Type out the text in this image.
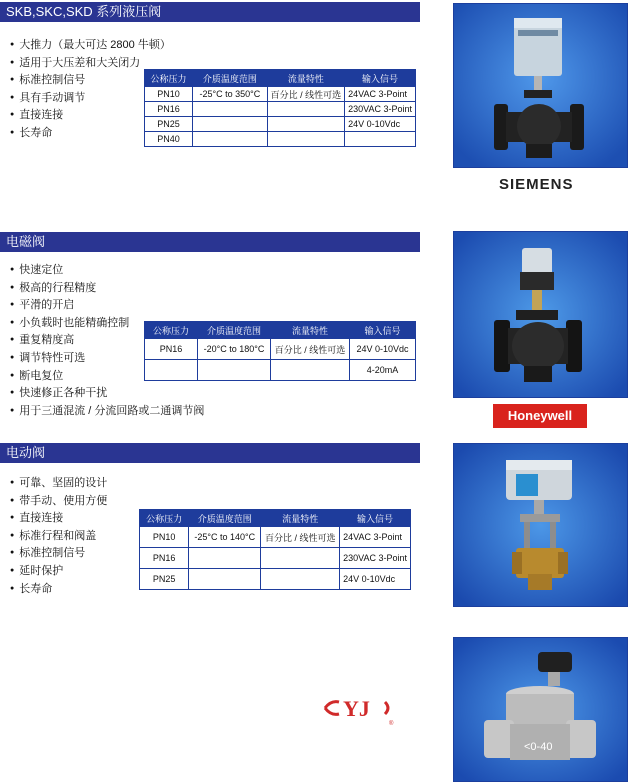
SKB,SKC,SKD 系列液压阀
● 大推力（最大可达 2800 牛顿）
● 适用于大压差和大关闭力
● 标准控制信号
● 具有手动调节
● 直接连接
● 长寿命
公称压力	介质温度范围	流量特性	输入信号
PN10	-25°C to 350°C	百分比 / 线性可选	24VAC 3-Point
PN16			230VAC 3-Point
PN25			24V 0-10Vdc
PN40			
SIEMENS
电磁阀
● 快速定位
● 极高的行程精度
● 平滑的开启
● 小负载时也能精确控制
● 重复精度高
● 调节特性可选
● 断电复位
● 快速修正各种干扰
● 用于三通混流 / 分流回路或二通调节阀
公称压力	介质温度范围	流量特性	输入信号
PN16	-20°C to 180°C	百分比 / 线性可选	24V 0-10Vdc
			4-20mA
Honeywell
电动阀
● 可靠、坚固的设计
● 带手动、使用方便
● 直接连接
● 标准行程和阀盖
● 标准控制信号
● 延时保护
● 长寿命
公称压力	介质温度范围	流量特性	输入信号
PN10	-25°C to 140°C	百分比 / 线性可选	24VAC 3-Point
PN16			230VAC 3-Point
PN25			24V 0-10Vdc
YJ
®
<0-40
